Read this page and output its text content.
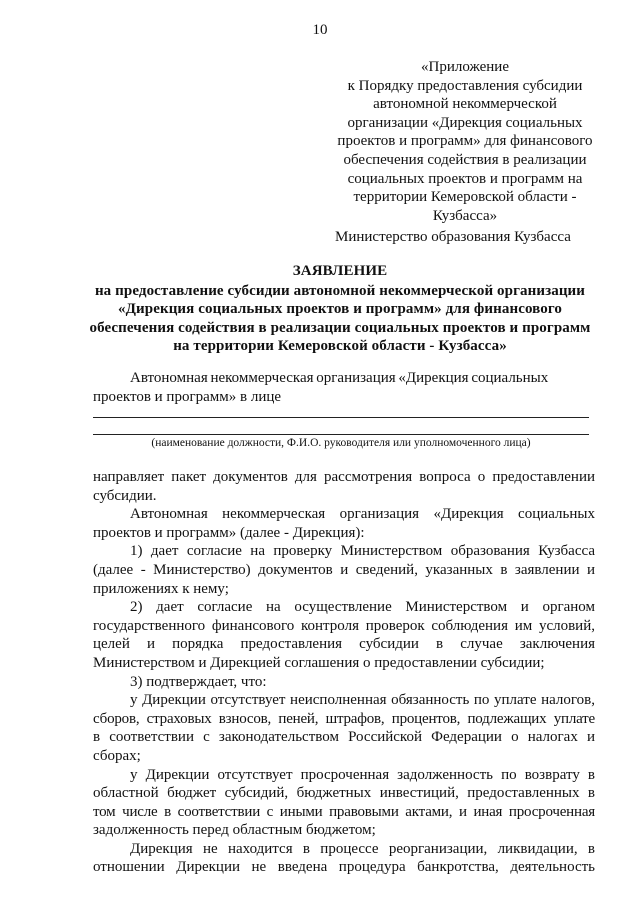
10
«Приложение
к Порядку предоставления субсидии
автономной некоммерческой
организации «Дирекция социальных
проектов и программ» для финансового
обеспечения содействия в реализации
социальных проектов и программ на
территории Кемеровской области -
Кузбасса»
Министерство образования Кузбасса
ЗАЯВЛЕНИЕ
на предоставление субсидии автономной некоммерческой организации
«Дирекция социальных проектов и программ» для финансового
обеспечения содействия в реализации социальных проектов и программ
на территории Кемеровской области - Кузбасса»
Автономная некоммерческая организация «Дирекция социальных
проектов и программ» в лице
(наименование должности, Ф.И.О. руководителя или уполномоченного лица)
направляет пакет документов для рассмотрения вопроса о предоставлении
субсидии.
Автономная некоммерческая организация «Дирекция социальных
проектов и программ» (далее - Дирекция):
1) дает согласие на проверку Министерством образования Кузбасса
(далее - Министерство) документов и сведений, указанных в заявлении и
приложениях к нему;
2) дает согласие на осуществление Министерством и органом
государственного финансового контроля проверок соблюдения им условий,
целей и порядка предоставления субсидии в случае заключения
Министерством и Дирекцией соглашения о предоставлении субсидии;
3) подтверждает, что:
у Дирекции отсутствует неисполненная обязанность по уплате налогов,
сборов, страховых взносов, пеней, штрафов, процентов, подлежащих уплате
в соответствии с законодательством Российской Федерации о налогах и
сборах;
у Дирекции отсутствует просроченная задолженность по возврату в
областной бюджет субсидий, бюджетных инвестиций, предоставленных в
том числе в соответствии с иными правовыми актами, и иная просроченная
задолженность перед областным бюджетом;
Дирекция не находится в процессе реорганизации, ликвидации, в
отношении Дирекции не введена процедура банкротства, деятельность
